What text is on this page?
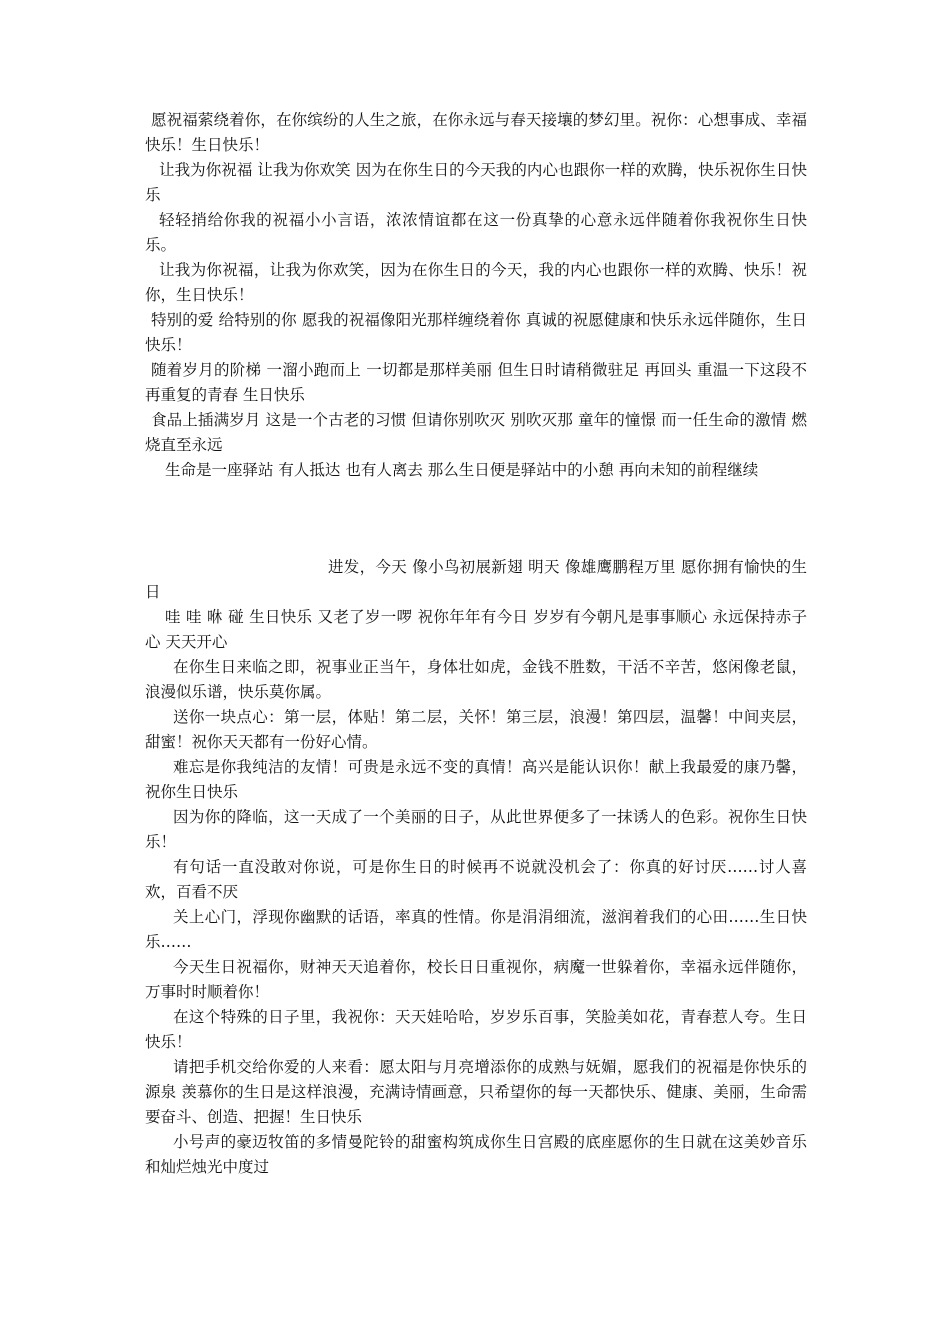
愿祝福萦绕着你，在你缤纷的人生之旅，在你永远与春天接壤的梦幻里。祝你：心想事成、幸福快乐！生日快乐！

让我为你祝福 让我为你欢笑 因为在你生日的今天我的内心也跟你一样的欢腾，快乐祝你生日快乐

轻轻捎给你我的祝福小小言语，浓浓情谊都在这一份真挚的心意永远伴随着你我祝你生日快乐。

让我为你祝福，让我为你欢笑，因为在你生日的今天，我的内心也跟你一样的欢腾、快乐！祝你，生日快乐！

特别的爱 给特别的你 愿我的祝福像阳光那样缠绕着你 真诚的祝愿健康和快乐永远伴随你，生日快乐！

随着岁月的阶梯 一溜小跑而上 一切都是那样美丽 但生日时请稍微驻足 再回头 重温一下这段不再重复的青春 生日快乐

食品上插满岁月 这是一个古老的习惯 但请你别吹灭 别吹灭那 童年的憧憬 而一任生命的激情 燃烧直至永远

生命是一座驿站 有人抵达 也有人离去 那么生日便是驿站中的小憩 再向未知的前程继续

进发，今天 像小鸟初展新翅 明天 像雄鹰鹏程万里 愿你拥有愉快的生日

哇 哇 咻 碰 生日快乐 又老了岁一啰 祝你年年有今日 岁岁有今朝凡是事事顺心 永远保持赤子心 天天开心

在你生日来临之即，祝事业正当午，身体壮如虎，金钱不胜数，干活不辛苦，悠闲像老鼠，浪漫似乐谱，快乐莫你属。

送你一块点心：第一层，体贴！第二层，关怀！第三层，浪漫！第四层，温馨！中间夹层，甜蜜！祝你天天都有一份好心情。

难忘是你我纯洁的友情！可贵是永远不变的真情！高兴是能认识你！献上我最爱的康乃馨，祝你生日快乐

因为你的降临，这一天成了一个美丽的日子，从此世界便多了一抹诱人的色彩。祝你生日快乐！

有句话一直没敢对你说，可是你生日的时候再不说就没机会了：你真的好讨厌……讨人喜欢，百看不厌

关上心门，浮现你幽默的话语，率真的性情。你是涓涓细流，滋润着我们的心田……生日快乐……

今天生日祝福你，财神天天追着你，校长日日重视你，病魔一世躲着你，幸福永远伴随你，万事时时顺着你！

在这个特殊的日子里，我祝你：天天娃哈哈，岁岁乐百事，笑脸美如花，青春惹人夸。生日快乐！

请把手机交给你爱的人来看：愿太阳与月亮增添你的成熟与妩媚，愿我们的祝福是你快乐的源泉 羡慕你的生日是这样浪漫，充满诗情画意，只希望你的每一天都快乐、健康、美丽，生命需要奋斗、创造、把握！生日快乐

小号声的豪迈牧笛的多情曼陀铃的甜蜜构筑成你生日宫殿的底座愿你的生日就在这美妙音乐和灿烂烛光中度过
